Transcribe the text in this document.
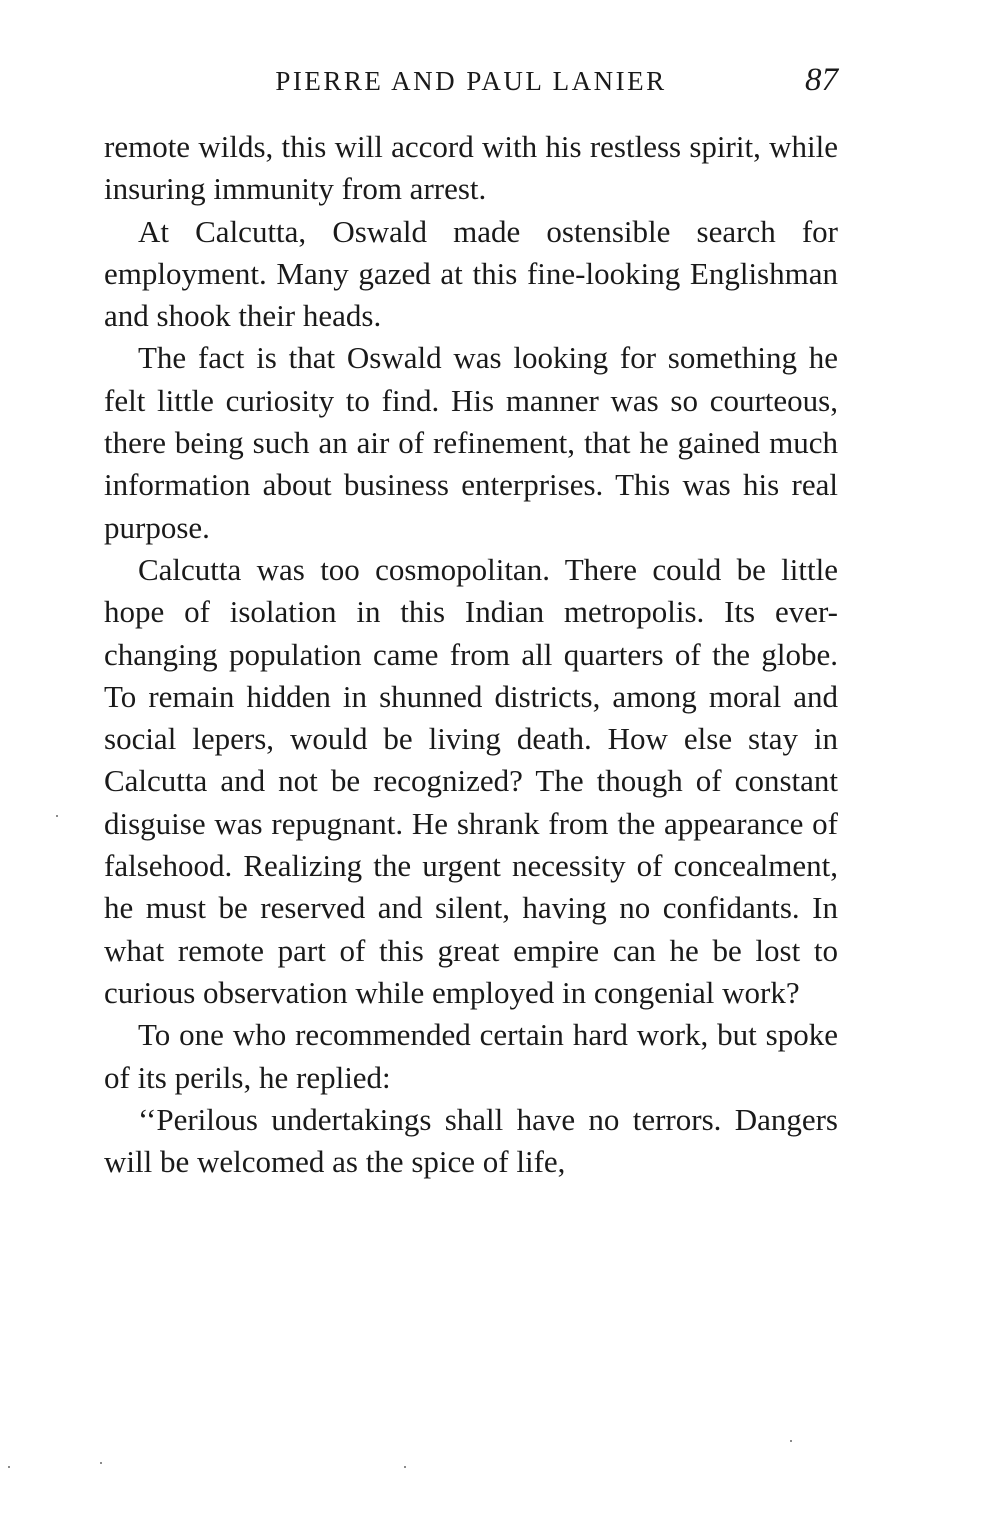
PIERRE AND PAUL LANIER	87

remote wilds, this will accord with his restless spirit, while insuring immunity from arrest.

At Calcutta, Oswald made ostensible search for employment. Many gazed at this fine-looking Englishman and shook their heads.

The fact is that Oswald was looking for something he felt little curiosity to find. His manner was so courteous, there being such an air of refinement, that he gained much information about business enterprises. This was his real purpose.

Calcutta was too cosmopolitan. There could be little hope of isolation in this Indian metropolis. Its ever-changing population came from all quarters of the globe. To remain hidden in shunned districts, among moral and social lepers, would be living death. How else stay in Calcutta and not be recognized? The though of constant disguise was repugnant. He shrank from the appearance of falsehood. Realizing the urgent necessity of concealment, he must be reserved and silent, having no confidants. In what remote part of this great empire can he be lost to curious observation while employed in congenial work?

To one who recommended certain hard work, but spoke of its perils, he replied:

‘‘Perilous undertakings shall have no terrors. Dangers will be welcomed as the spice of life,
